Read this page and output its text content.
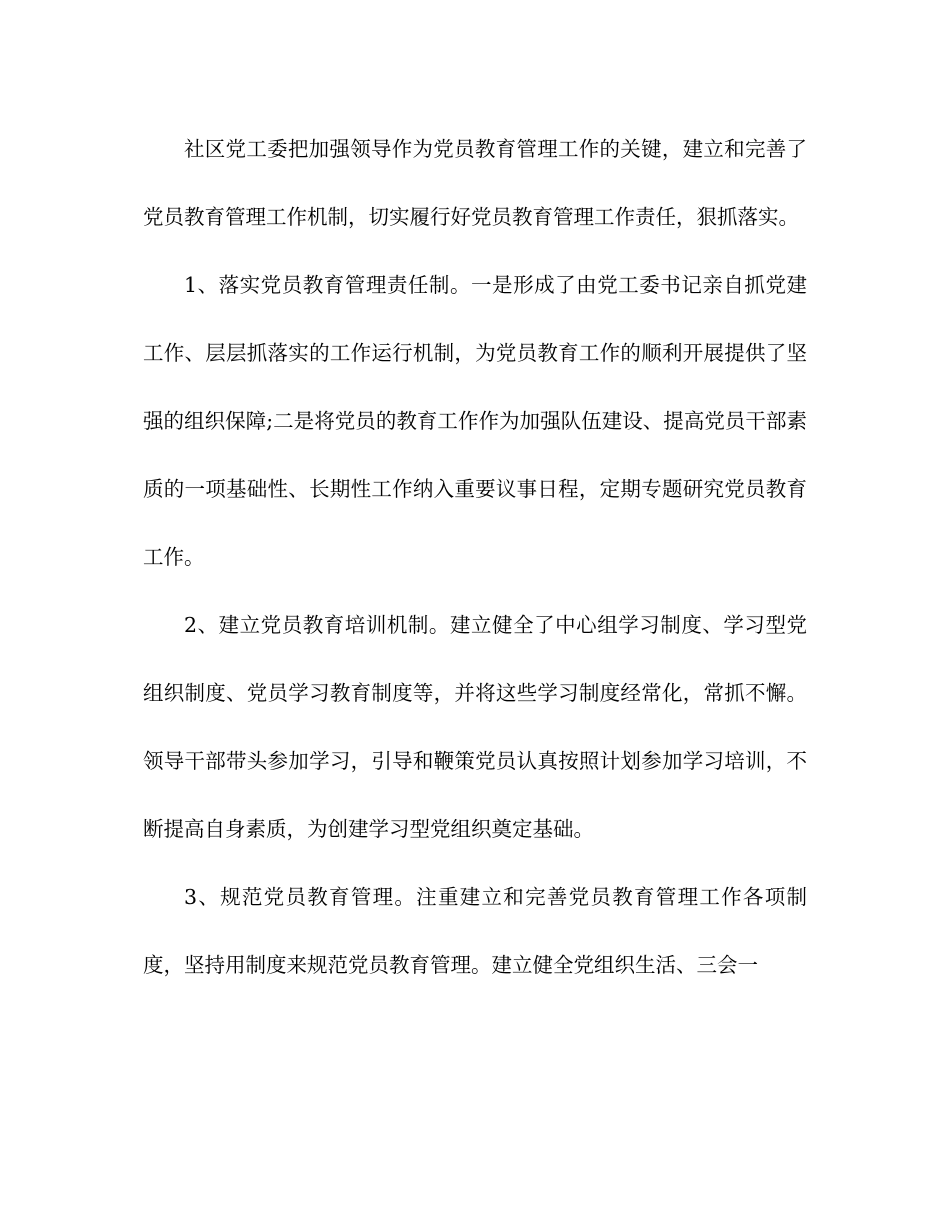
社区党工委把加强领导作为党员教育管理工作的关键，建立和完善了党员教育管理工作机制，切实履行好党员教育管理工作责任，狠抓落实。

1、落实党员教育管理责任制。一是形成了由党工委书记亲自抓党建工作、层层抓落实的工作运行机制，为党员教育工作的顺利开展提供了坚强的组织保障;二是将党员的教育工作作为加强队伍建设、提高党员干部素质的一项基础性、长期性工作纳入重要议事日程，定期专题研究党员教育工作。

2、建立党员教育培训机制。建立健全了中心组学习制度、学习型党组织制度、党员学习教育制度等，并将这些学习制度经常化，常抓不懈。领导干部带头参加学习，引导和鞭策党员认真按照计划参加学习培训，不断提高自身素质，为创建学习型党组织奠定基础。

3、规范党员教育管理。注重建立和完善党员教育管理工作各项制度，坚持用制度来规范党员教育管理。建立健全党组织生活、三会一
